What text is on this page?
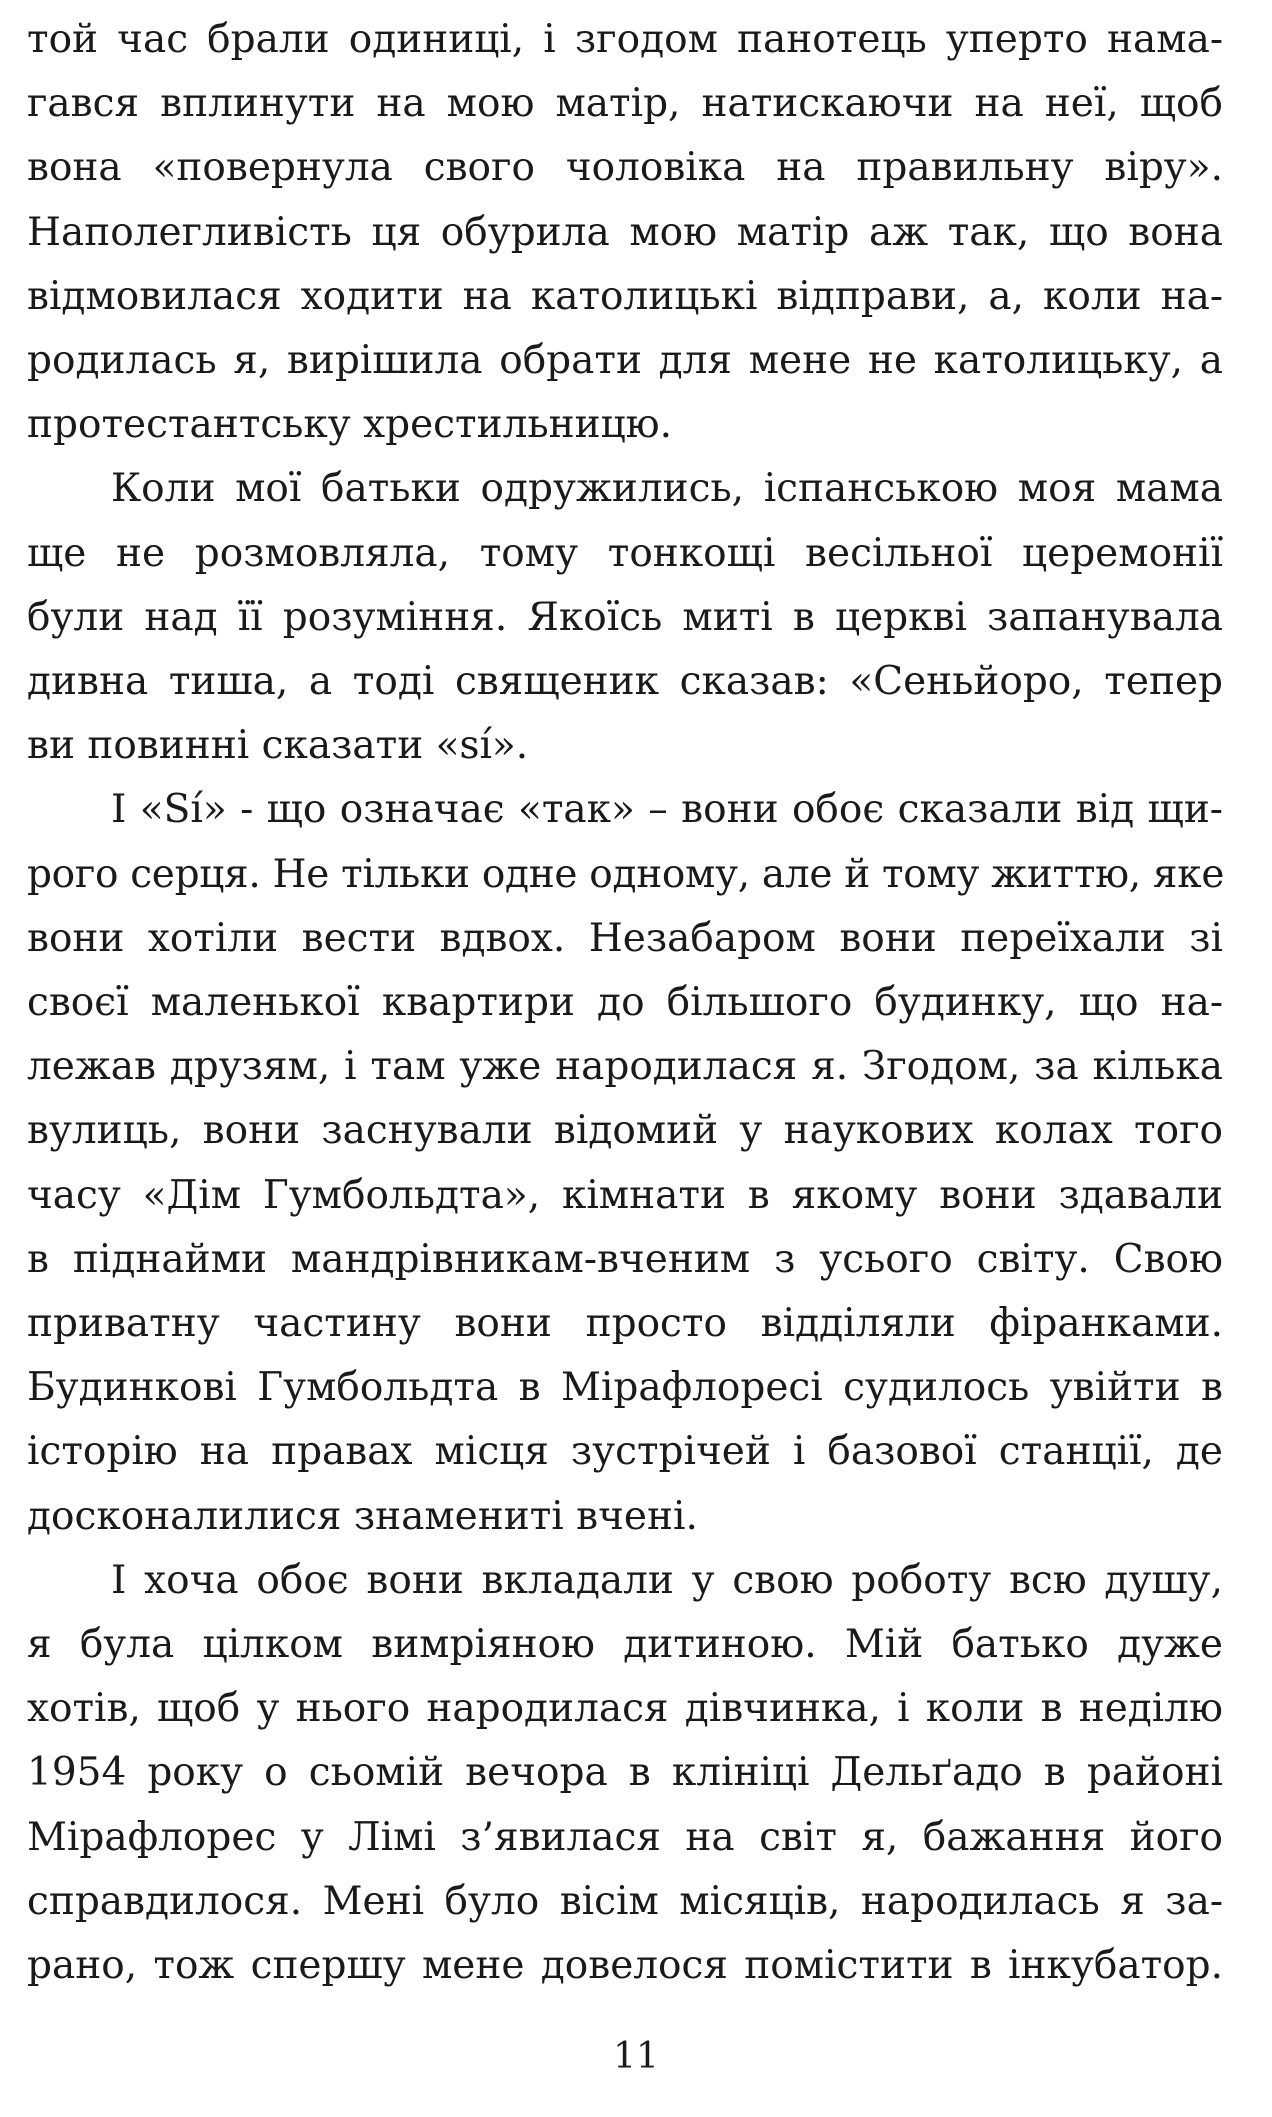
той час брали одиниці, і згодом панотець уперто нама-
гався вплинути на мою матір, натискаючи на неї, щоб
вона «повернула свого чоловіка на правильну віру».
Наполегливість ця обурила мою матір аж так, що вона
відмовилася ходити на католицькі відправи, а, коли на-
родилась я, вирішила обрати для мене не католицьку, а
протестантську хрестильницю.

Коли мої батьки одружились, іспанською моя мама
ще не розмовляла, тому тонкощі весільної церемонії
були над її розуміння. Якоїсь миті в церкві запанувала
дивна тиша, а тоді священик сказав: «Сеньйоро, тепер
ви повинні сказати «sí».

І «Sí» - що означає «так» – вони обоє сказали від щи-
рого серця. Не тільки одне одному, але й тому життю, яке
вони хотіли вести вдвох. Незабаром вони переїхали зі
своєї маленької квартири до більшого будинку, що на-
лежав друзям, і там уже народилася я. Згодом, за кілька
вулиць, вони заснували відомий у наукових колах того
часу «Дім Гумбольдта», кімнати в якому вони здавали
в піднайми мандрівникам-вченим з усього світу. Свою
приватну частину вони просто відділяли фіранками.
Будинкові Гумбольдта в Мірафлоресі судилось увійти в
історію на правах місця зустрічей і базової станції, де
досконалилися знамениті вчені.

І хоча обоє вони вкладали у свою роботу всю душу,
я була цілком вимріяною дитиною. Мій батько дуже
хотів, щоб у нього народилася дівчинка, і коли в неділю
1954 року о сьомій вечора в клініці Дельґадо в районі
Мірафлорес у Лімі з’явилася на світ я, бажання його
справдилося. Мені було вісім місяців, народилась я за-
рано, тож спершу мене довелося помістити в інкубатор.

11
